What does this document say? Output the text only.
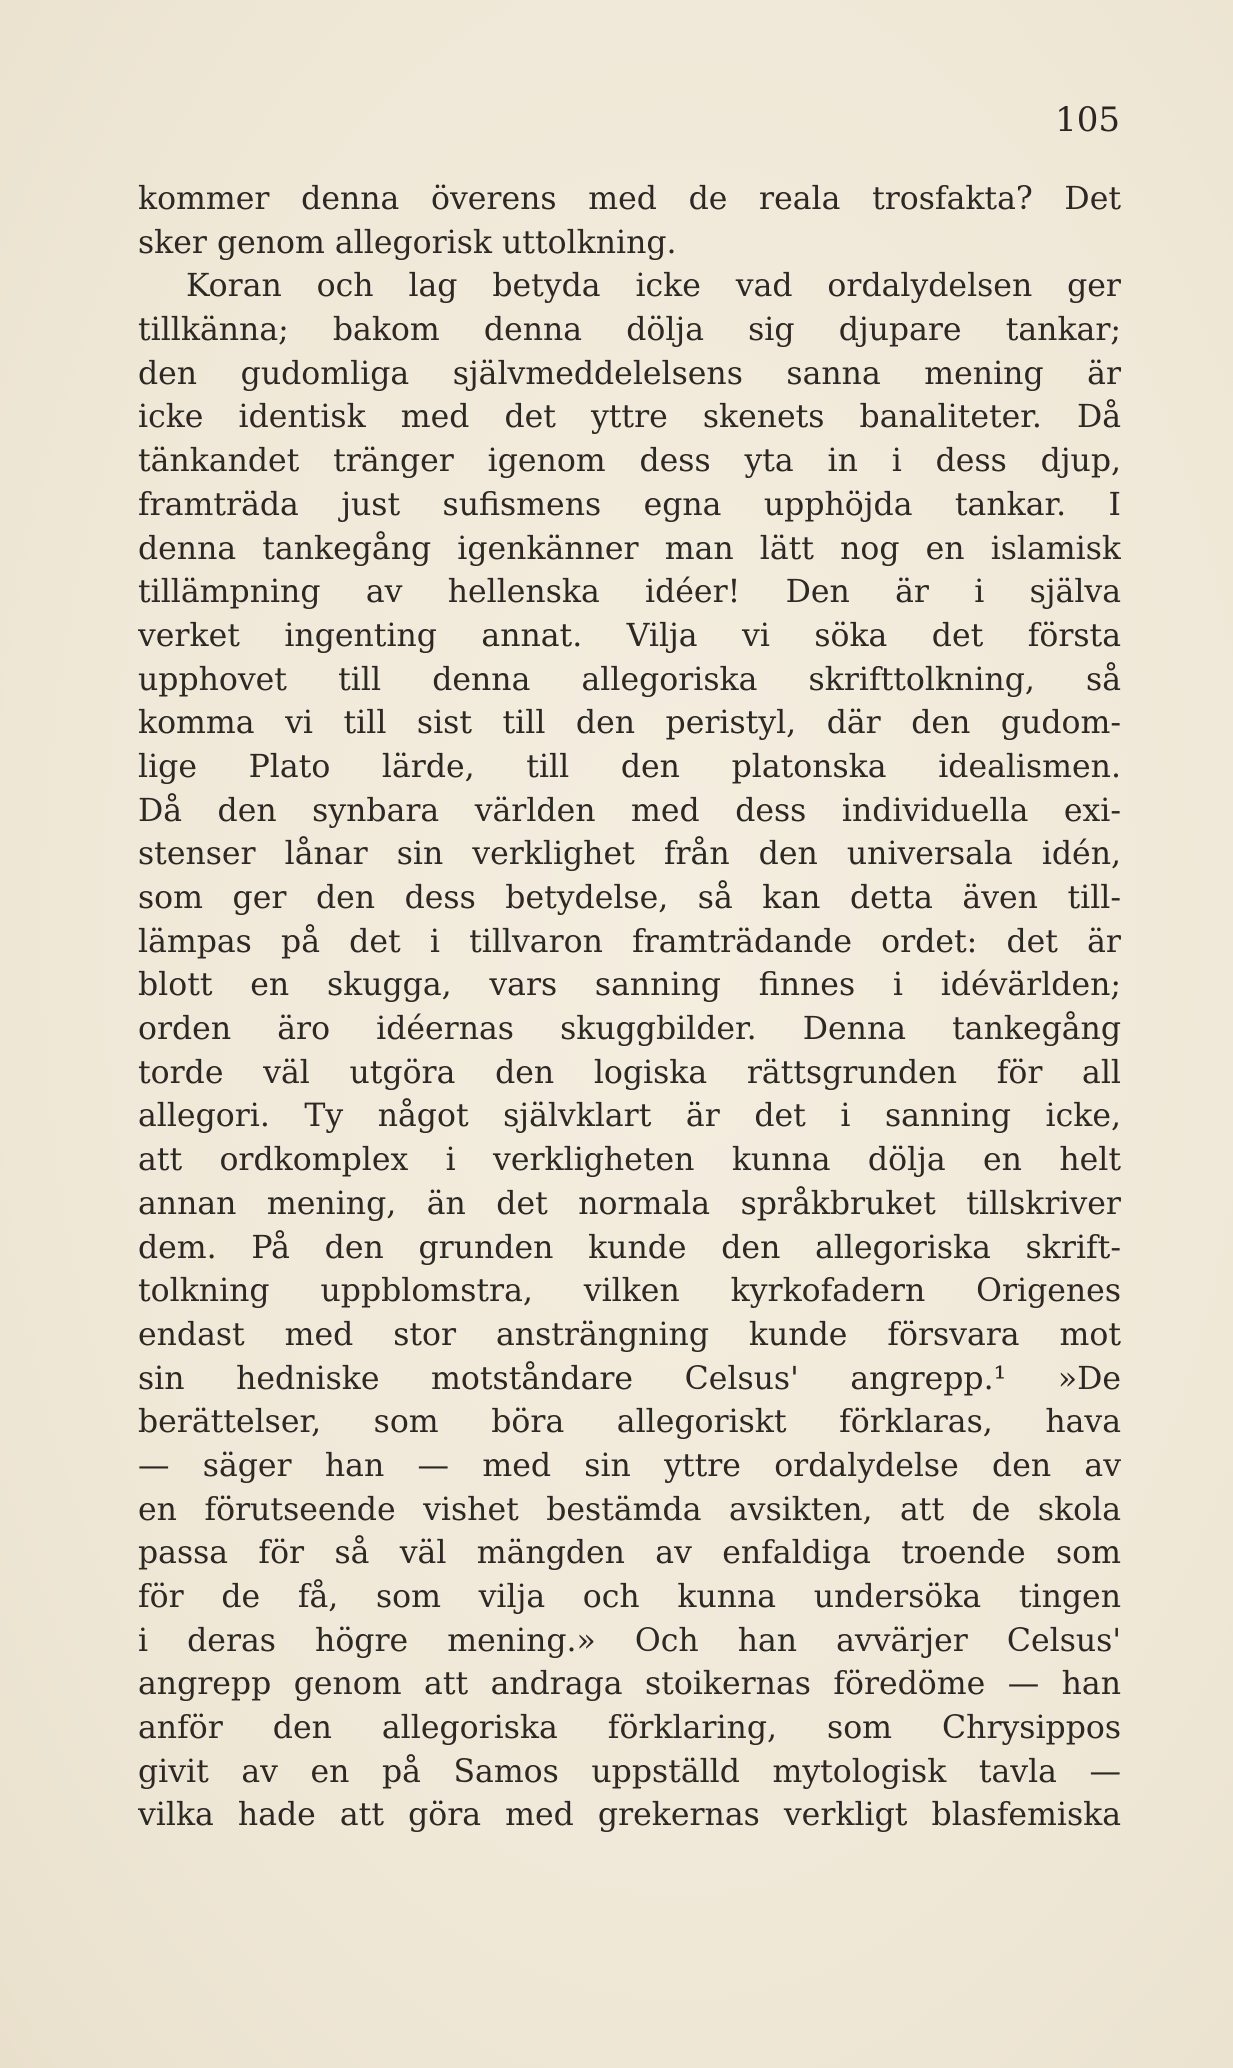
105
kommer denna överens med de reala trosfakta? Det
sker genom allegorisk uttolkning.
Koran och lag betyda icke vad ordalydelsen ger
tillkänna; bakom denna dölja sig djupare tankar;
den gudomliga självmeddelelsens sanna mening är
icke identisk med det yttre skenets banaliteter. Då
tänkandet tränger igenom dess yta in i dess djup,
framträda just sufismens egna upphöjda tankar. I
denna tankegång igenkänner man lätt nog en islamisk
tillämpning av hellenska idéer! Den är i själva
verket ingenting annat. Vilja vi söka det första
upphovet till denna allegoriska skrifttolkning, så
komma vi till sist till den peristyl, där den gudom-
lige Plato lärde, till den platonska idealismen.
Då den synbara världen med dess individuella exi-
stenser lånar sin verklighet från den universala idén,
som ger den dess betydelse, så kan detta även till-
lämpas på det i tillvaron framträdande ordet: det är
blott en skugga, vars sanning finnes i idévärlden;
orden äro idéernas skuggbilder. Denna tankegång
torde väl utgöra den logiska rättsgrunden för all
allegori. Ty något självklart är det i sanning icke,
att ordkomplex i verkligheten kunna dölja en helt
annan mening, än det normala språkbruket tillskriver
dem. På den grunden kunde den allegoriska skrift-
tolkning uppblomstra, vilken kyrkofadern Origenes
endast med stor ansträngning kunde försvara mot
sin hedniske motståndare Celsus' angrepp.¹ »De
berättelser, som böra allegoriskt förklaras, hava
— säger han — med sin yttre ordalydelse den av
en förutseende vishet bestämda avsikten, att de skola
passa för så väl mängden av enfaldiga troende som
för de få, som vilja och kunna undersöka tingen
i deras högre mening.» Och han avvärjer Celsus'
angrepp genom att andraga stoikernas föredöme — han
anför den allegoriska förklaring, som Chrysippos
givit av en på Samos uppställd mytologisk tavla —
vilka hade att göra med grekernas verkligt blasfemiska
